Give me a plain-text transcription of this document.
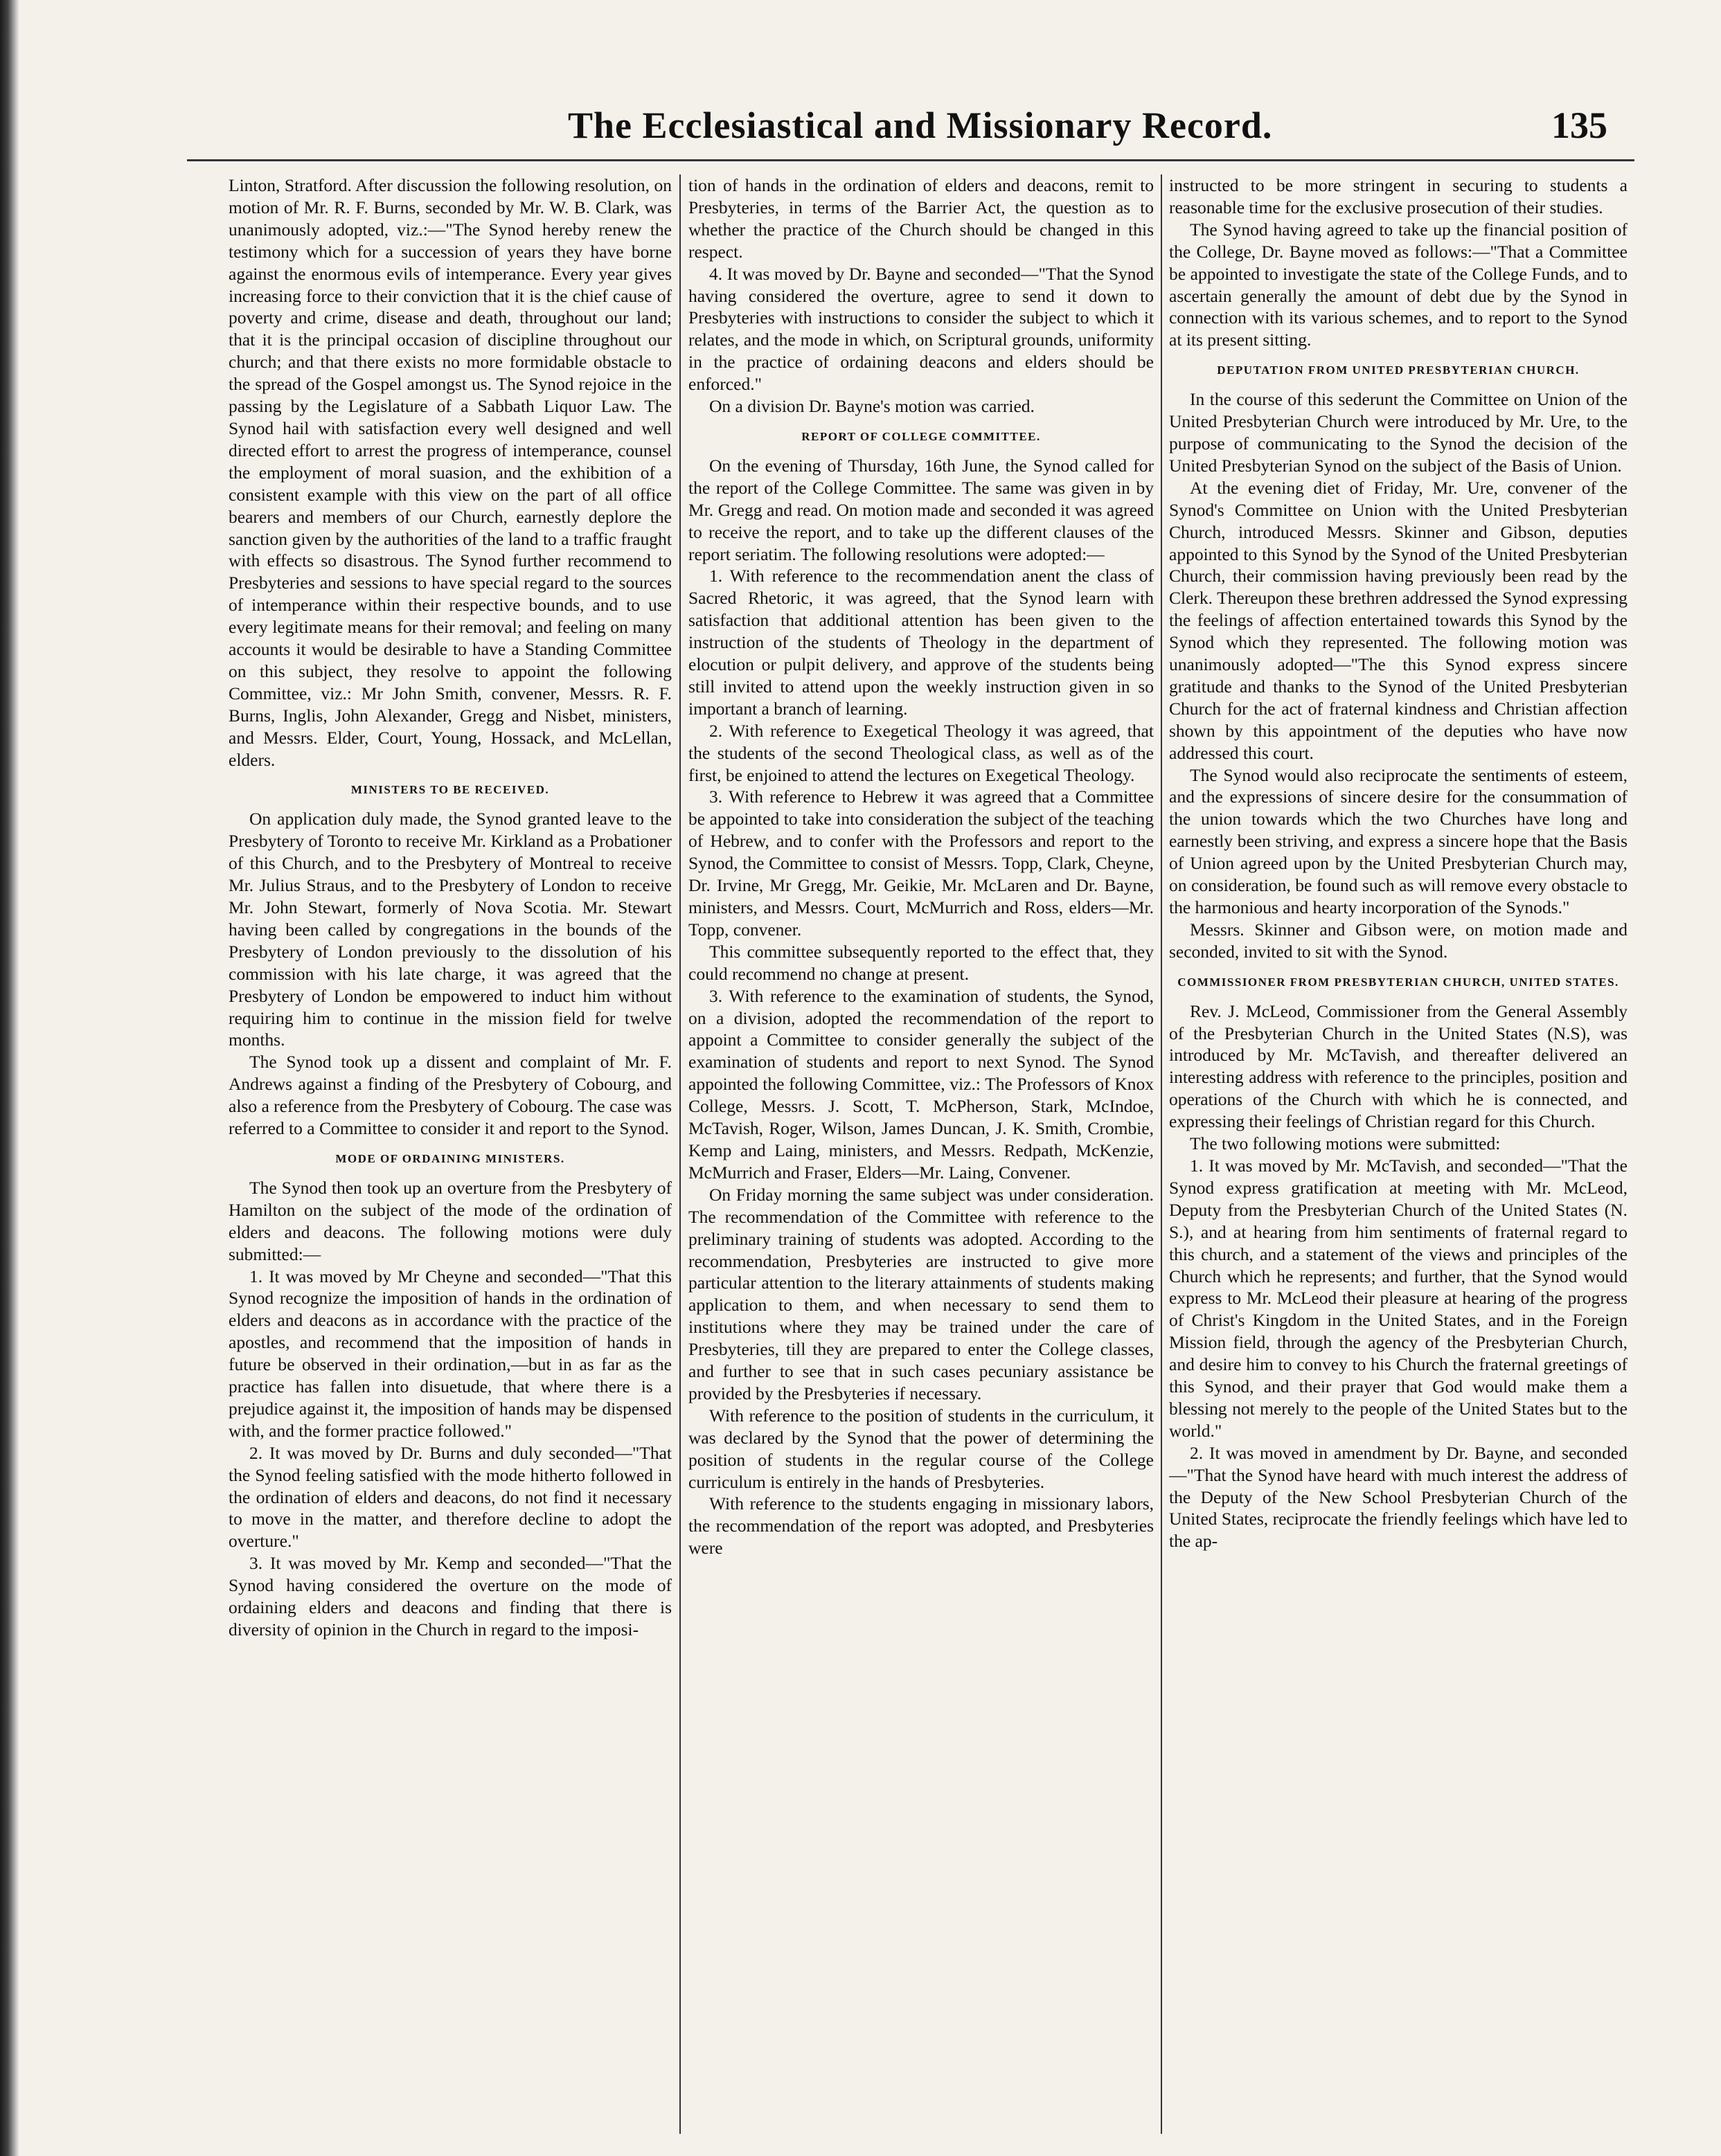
The Ecclesiastical and Missionary Record.	135

Linton, Stratford. After discussion the following resolution, on motion of Mr. R. F. Burns, seconded by Mr. W. B. Clark, was unanimously adopted, viz.:—"The Synod hereby renew the testimony which for a succession of years they have borne against the enormous evils of intemperance. Every year gives increasing force to their conviction that it is the chief cause of poverty and crime, disease and death, throughout our land; that it is the principal occasion of discipline throughout our church; and that there exists no more formidable obstacle to the spread of the Gospel amongst us. The Synod rejoice in the passing by the Legislature of a Sabbath Liquor Law. The Synod hail with satisfaction every well designed and well directed effort to arrest the progress of intemperance, counsel the employment of moral suasion, and the exhibition of a consistent example with this view on the part of all office bearers and members of our Church, earnestly deplore the sanction given by the authorities of the land to a traffic fraught with effects so disastrous. The Synod further recommend to Presbyteries and sessions to have special regard to the sources of intemperance within their respective bounds, and to use every legitimate means for their removal; and feeling on many accounts it would be desirable to have a Standing Committee on this subject, they resolve to appoint the following Committee, viz.: Mr John Smith, convener, Messrs. R. F. Burns, Inglis, John Alexander, Gregg and Nisbet, ministers, and Messrs. Elder, Court, Young, Hossack, and McLellan, elders.

MINISTERS TO BE RECEIVED.

On application duly made, the Synod granted leave to the Presbytery of Toronto to receive Mr. Kirkland as a Probationer of this Church, and to the Presbytery of Montreal to receive Mr. Julius Straus, and to the Presbytery of London to receive Mr. John Stewart, formerly of Nova Scotia. Mr. Stewart having been called by congregations in the bounds of the Presbytery of London previously to the dissolution of his commission with his late charge, it was agreed that the Presbytery of London be empowered to induct him without requiring him to continue in the mission field for twelve months.

The Synod took up a dissent and complaint of Mr. F. Andrews against a finding of the Presbytery of Cobourg, and also a reference from the Presbytery of Cobourg. The case was referred to a Committee to consider it and report to the Synod.

MODE OF ORDAINING MINISTERS.

The Synod then took up an overture from the Presbytery of Hamilton on the subject of the mode of the ordination of elders and deacons. The following motions were duly submitted:—

1. It was moved by Mr Cheyne and seconded—"That this Synod recognize the imposition of hands in the ordination of elders and deacons as in accordance with the practice of the apostles, and recommend that the imposition of hands in future be observed in their ordination,—but in as far as the practice has fallen into disuetude, that where there is a prejudice against it, the imposition of hands may be dispensed with, and the former practice followed."

2. It was moved by Dr. Burns and duly seconded—"That the Synod feeling satisfied with the mode hitherto followed in the ordination of elders and deacons, do not find it necessary to move in the matter, and therefore decline to adopt the overture."

3. It was moved by Mr. Kemp and seconded—"That the Synod having considered the overture on the mode of ordaining elders and deacons and finding that there is diversity of opinion in the Church in regard to the imposi-

tion of hands in the ordination of elders and deacons, remit to Presbyteries, in terms of the Barrier Act, the question as to whether the practice of the Church should be changed in this respect.

4. It was moved by Dr. Bayne and seconded—"That the Synod having considered the overture, agree to send it down to Presbyteries with instructions to consider the subject to which it relates, and the mode in which, on Scriptural grounds, uniformity in the practice of ordaining deacons and elders should be enforced."

On a division Dr. Bayne's motion was carried.

REPORT OF COLLEGE COMMITTEE.

On the evening of Thursday, 16th June, the Synod called for the report of the College Committee. The same was given in by Mr. Gregg and read. On motion made and seconded it was agreed to receive the report, and to take up the different clauses of the report seriatim. The following resolutions were adopted:—

1. With reference to the recommendation anent the class of Sacred Rhetoric, it was agreed, that the Synod learn with satisfaction that additional attention has been given to the instruction of the students of Theology in the department of elocution or pulpit delivery, and approve of the students being still invited to attend upon the weekly instruction given in so important a branch of learning.

2. With reference to Exegetical Theology it was agreed, that the students of the second Theological class, as well as of the first, be enjoined to attend the lectures on Exegetical Theology.

3. With reference to Hebrew it was agreed that a Committee be appointed to take into consideration the subject of the teaching of Hebrew, and to confer with the Professors and report to the Synod, the Committee to consist of Messrs. Topp, Clark, Cheyne, Dr. Irvine, Mr Gregg, Mr. Geikie, Mr. McLaren and Dr. Bayne, ministers, and Messrs. Court, McMurrich and Ross, elders—Mr. Topp, convener.

This committee subsequently reported to the effect that, they could recommend no change at present.

3. With reference to the examination of students, the Synod, on a division, adopted the recommendation of the report to appoint a Committee to consider generally the subject of the examination of students and report to next Synod. The Synod appointed the following Committee, viz.: The Professors of Knox College, Messrs. J. Scott, T. McPherson, Stark, McIndoe, McTavish, Roger, Wilson, James Duncan, J. K. Smith, Crombie, Kemp and Laing, ministers, and Messrs. Redpath, McKenzie, McMurrich and Fraser, Elders—Mr. Laing, Convener.

On Friday morning the same subject was under consideration. The recommendation of the Committee with reference to the preliminary training of students was adopted. According to the recommendation, Presbyteries are instructed to give more particular attention to the literary attainments of students making application to them, and when necessary to send them to institutions where they may be trained under the care of Presbyteries, till they are prepared to enter the College classes, and further to see that in such cases pecuniary assistance be provided by the Presbyteries if necessary.

With reference to the position of students in the curriculum, it was declared by the Synod that the power of determining the position of students in the regular course of the College curriculum is entirely in the hands of Presbyteries.

With reference to the students engaging in missionary labors, the recommendation of the report was adopted, and Presbyteries were

instructed to be more stringent in securing to students a reasonable time for the exclusive prosecution of their studies.

The Synod having agreed to take up the financial position of the College, Dr. Bayne moved as follows:—"That a Committee be appointed to investigate the state of the College Funds, and to ascertain generally the amount of debt due by the Synod in connection with its various schemes, and to report to the Synod at its present sitting.

DEPUTATION FROM UNITED PRESBYTERIAN CHURCH.

In the course of this sederunt the Committee on Union of the United Presbyterian Church were introduced by Mr. Ure, to the purpose of communicating to the Synod the decision of the United Presbyterian Synod on the subject of the Basis of Union.

At the evening diet of Friday, Mr. Ure, convener of the Synod's Committee on Union with the United Presbyterian Church, introduced Messrs. Skinner and Gibson, deputies appointed to this Synod by the Synod of the United Presbyterian Church, their commission having previously been read by the Clerk. Thereupon these brethren addressed the Synod expressing the feelings of affection entertained towards this Synod by the Synod which they represented. The following motion was unanimously adopted—"The this Synod express sincere gratitude and thanks to the Synod of the United Presbyterian Church for the act of fraternal kindness and Christian affection shown by this appointment of the deputies who have now addressed this court.

The Synod would also reciprocate the sentiments of esteem, and the expressions of sincere desire for the consummation of the union towards which the two Churches have long and earnestly been striving, and express a sincere hope that the Basis of Union agreed upon by the United Presbyterian Church may, on consideration, be found such as will remove every obstacle to the harmonious and hearty incorporation of the Synods."

Messrs. Skinner and Gibson were, on motion made and seconded, invited to sit with the Synod.

COMMISSIONER FROM PRESBYTERIAN CHURCH, UNITED STATES.

Rev. J. McLeod, Commissioner from the General Assembly of the Presbyterian Church in the United States (N.S), was introduced by Mr. McTavish, and thereafter delivered an interesting address with reference to the principles, position and operations of the Church with which he is connected, and expressing their feelings of Christian regard for this Church.

The two following motions were submitted:

1. It was moved by Mr. McTavish, and seconded—"That the Synod express gratification at meeting with Mr. McLeod, Deputy from the Presbyterian Church of the United States (N. S.), and at hearing from him sentiments of fraternal regard to this church, and a statement of the views and principles of the Church which he represents; and further, that the Synod would express to Mr. McLeod their pleasure at hearing of the progress of Christ's Kingdom in the United States, and in the Foreign Mission field, through the agency of the Presbyterian Church, and desire him to convey to his Church the fraternal greetings of this Synod, and their prayer that God would make them a blessing not merely to the people of the United States but to the world."

2. It was moved in amendment by Dr. Bayne, and seconded—"That the Synod have heard with much interest the address of the Deputy of the New School Presbyterian Church of the United States, reciprocate the friendly feelings which have led to the ap-
